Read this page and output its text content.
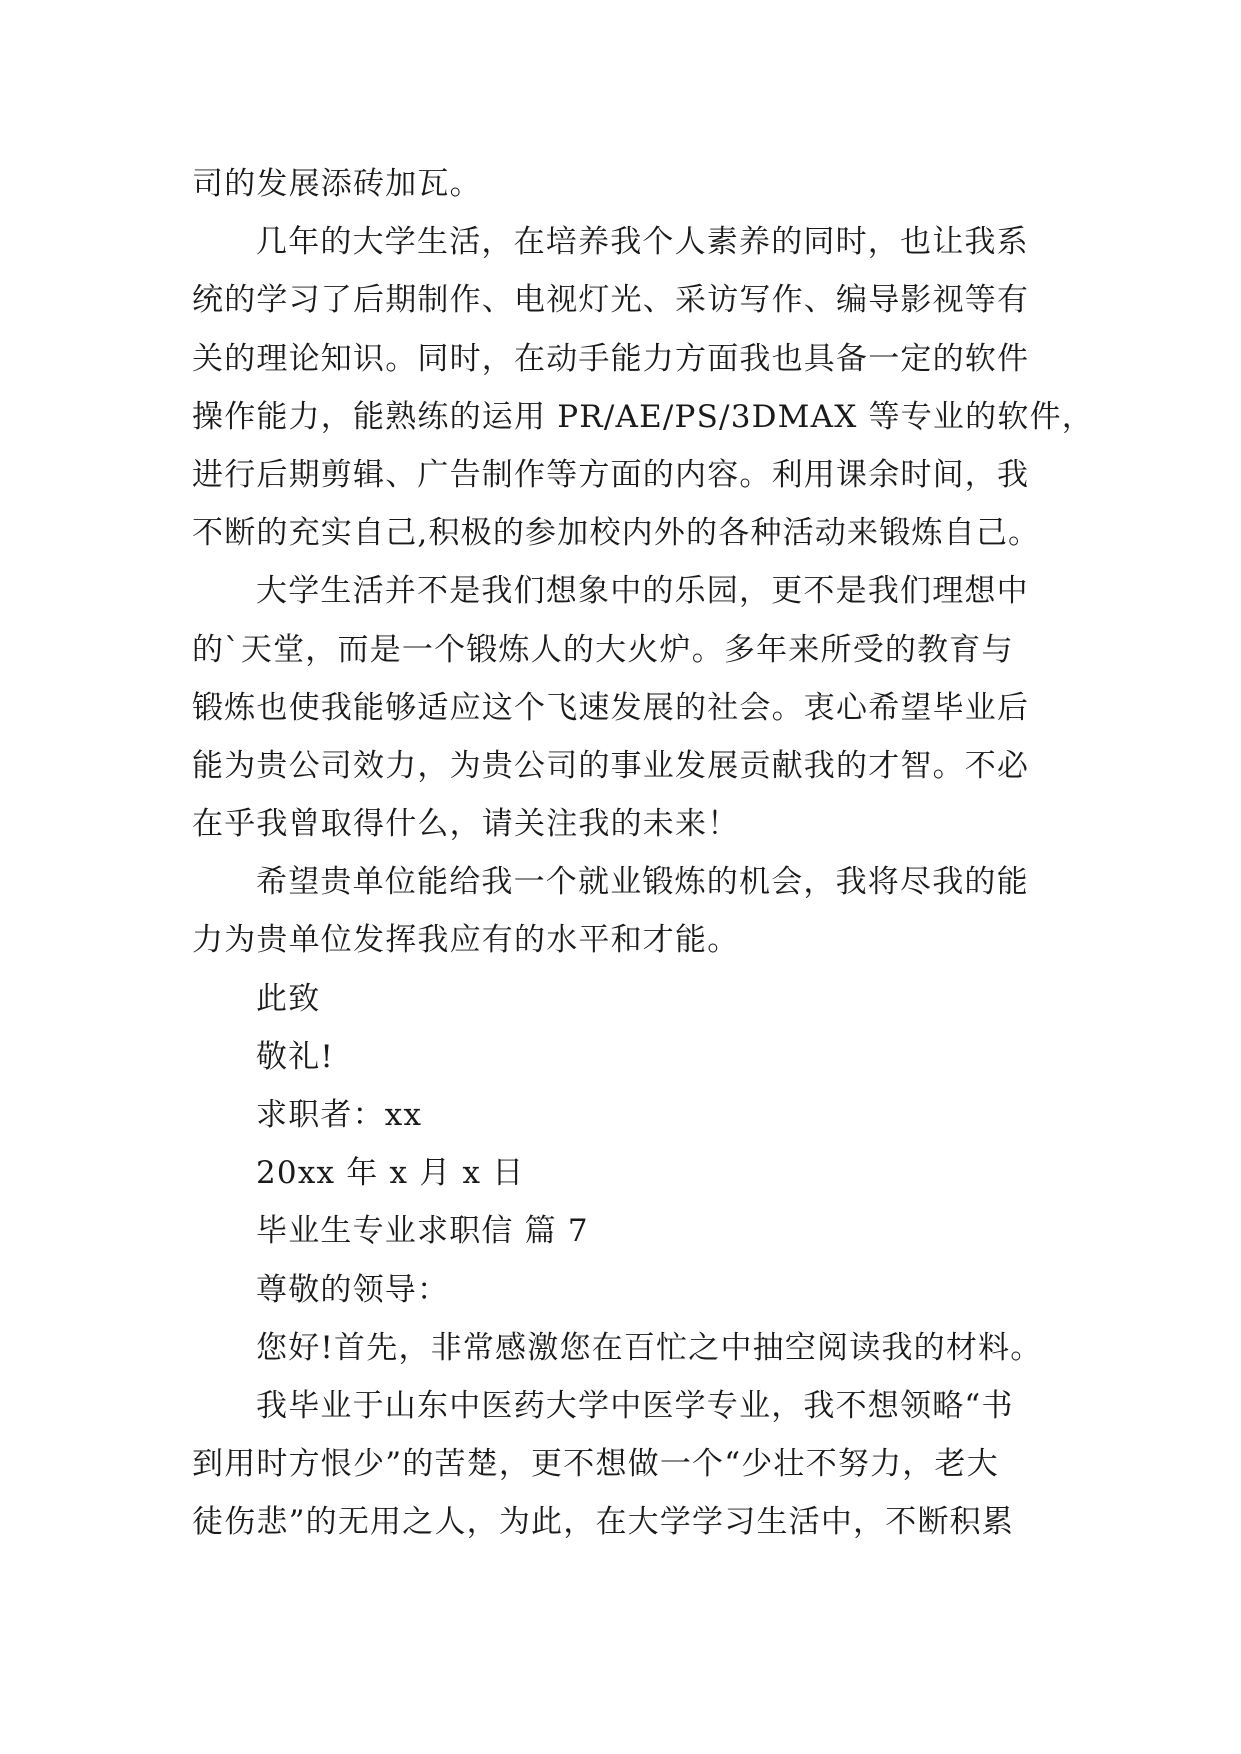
司的发展添砖加瓦。
几年的大学生活，在培养我个人素养的同时，也让我系
统的学习了后期制作、电视灯光、采访写作、编导影视等有
关的理论知识。同时，在动手能力方面我也具备一定的软件
操作能力，能熟练的运用 PR/AE/PS/3DMAX 等专业的软件，
进行后期剪辑、广告制作等方面的内容。利用课余时间，我
不断的充实自己,积极的参加校内外的各种活动来锻炼自己。
大学生活并不是我们想象中的乐园，更不是我们理想中
的`天堂，而是一个锻炼人的大火炉。多年来所受的教育与
锻炼也使我能够适应这个飞速发展的社会。衷心希望毕业后
能为贵公司效力，为贵公司的事业发展贡献我的才智。不必
在乎我曾取得什么，请关注我的未来！
希望贵单位能给我一个就业锻炼的机会，我将尽我的能
力为贵单位发挥我应有的水平和才能。
此致
敬礼!
求职者：xx
20xx 年 x 月 x 日
毕业生专业求职信 篇 7
尊敬的领导：
您好!首先，非常感激您在百忙之中抽空阅读我的材料。
我毕业于山东中医药大学中医学专业，我不想领略“书
到用时方恨少”的苦楚，更不想做一个“少壮不努力，老大
徒伤悲”的无用之人，为此，在大学学习生活中，不断积累
